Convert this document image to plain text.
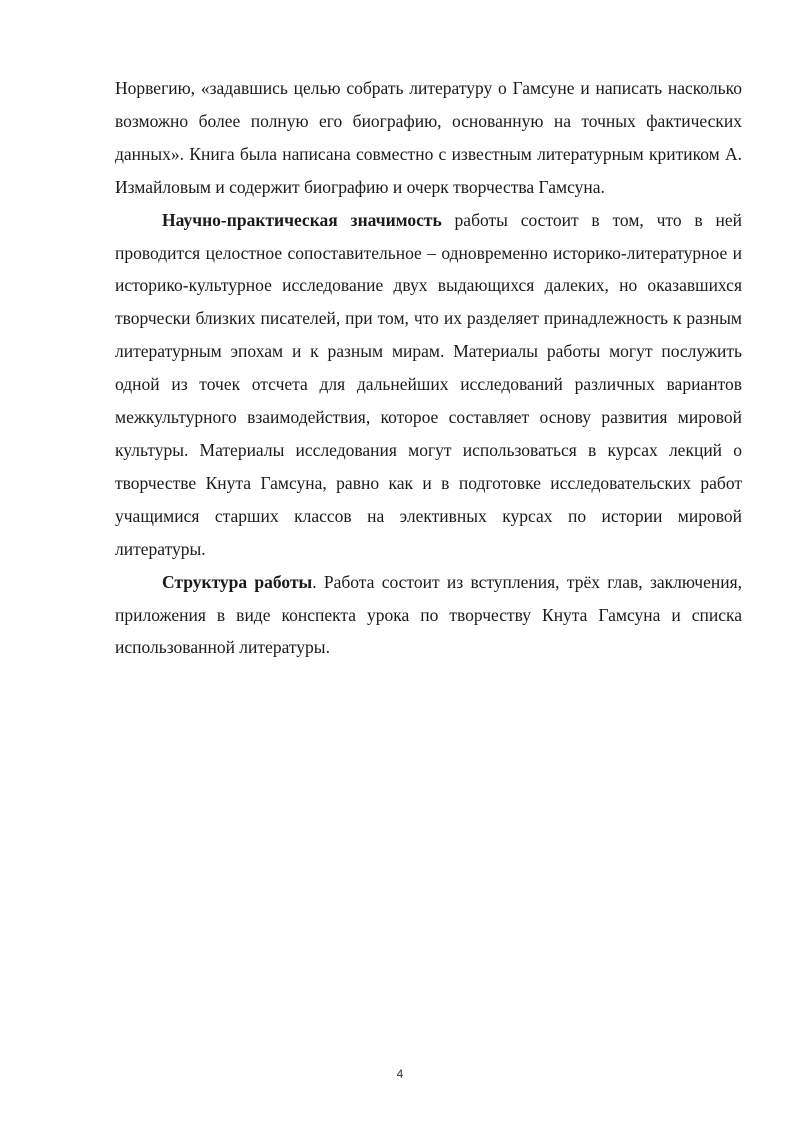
Норвегию, «задавшись целью собрать литературу о Гамсуне и написать насколько возможно более полную его биографию, основанную на точных фактических данных». Книга была написана совместно с известным литературным критиком А. Измайловым и содержит биографию и очерк творчества Гамсуна.

Научно-практическая значимость работы состоит в том, что в ней проводится целостное сопоставительное – одновременно историко-литературное и историко-культурное исследование двух выдающихся далеких, но оказавшихся творчески близких писателей, при том, что их разделяет принадлежность к разным литературным эпохам и к разным мирам. Материалы работы могут послужить одной из точек отсчета для дальнейших исследований различных вариантов межкультурного взаимодействия, которое составляет основу развития мировой культуры. Материалы исследования могут использоваться в курсах лекций о творчестве Кнута Гамсуна, равно как и в подготовке исследовательских работ учащимися старших классов на элективных курсах по истории мировой литературы.

Структура работы. Работа состоит из вступления, трёх глав, заключения, приложения в виде конспекта урока по творчеству Кнута Гамсуна и списка использованной литературы.

4
